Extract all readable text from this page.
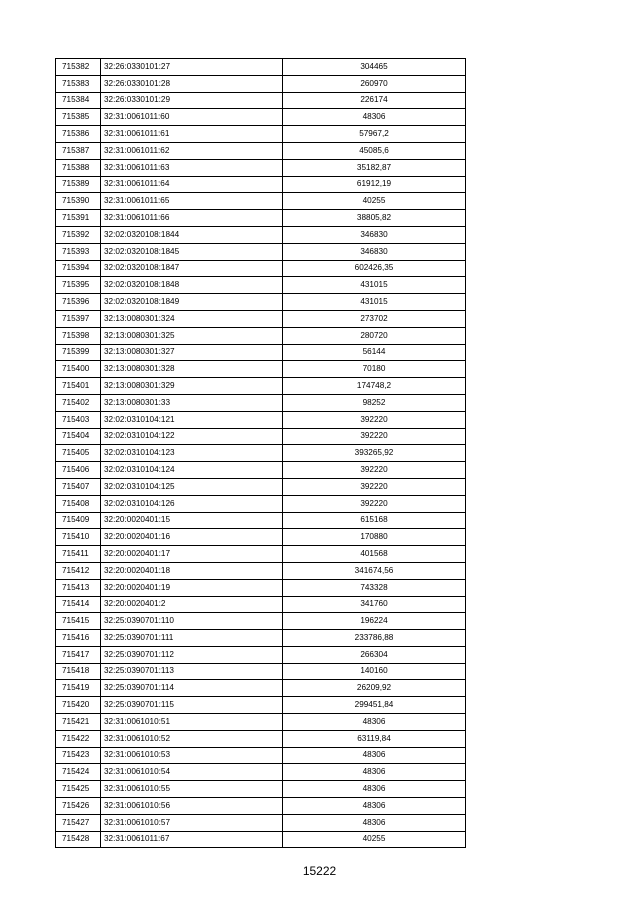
715382	32:26:0330101:27	304465
715383	32:26:0330101:28	260970
715384	32:26:0330101:29	226174
715385	32:31:0061011:60	48306
715386	32:31:0061011:61	57967,2
715387	32:31:0061011:62	45085,6
715388	32:31:0061011:63	35182,87
715389	32:31:0061011:64	61912,19
715390	32:31:0061011:65	40255
715391	32:31:0061011:66	38805,82
715392	32:02:0320108:1844	346830
715393	32:02:0320108:1845	346830
715394	32:02:0320108:1847	602426,35
715395	32:02:0320108:1848	431015
715396	32:02:0320108:1849	431015
715397	32:13:0080301:324	273702
715398	32:13:0080301:325	280720
715399	32:13:0080301:327	56144
715400	32:13:0080301:328	70180
715401	32:13:0080301:329	174748,2
715402	32:13:0080301:33	98252
715403	32:02:0310104:121	392220
715404	32:02:0310104:122	392220
715405	32:02:0310104:123	393265,92
715406	32:02:0310104:124	392220
715407	32:02:0310104:125	392220
715408	32:02:0310104:126	392220
715409	32:20:0020401:15	615168
715410	32:20:0020401:16	170880
715411	32:20:0020401:17	401568
715412	32:20:0020401:18	341674,56
715413	32:20:0020401:19	743328
715414	32:20:0020401:2	341760
715415	32:25:0390701:110	196224
715416	32:25:0390701:111	233786,88
715417	32:25:0390701:112	266304
715418	32:25:0390701:113	140160
715419	32:25:0390701:114	26209,92
715420	32:25:0390701:115	299451,84
715421	32:31:0061010:51	48306
715422	32:31:0061010:52	63119,84
715423	32:31:0061010:53	48306
715424	32:31:0061010:54	48306
715425	32:31:0061010:55	48306
715426	32:31:0061010:56	48306
715427	32:31:0061010:57	48306
715428	32:31:0061011:67	40255
15222
